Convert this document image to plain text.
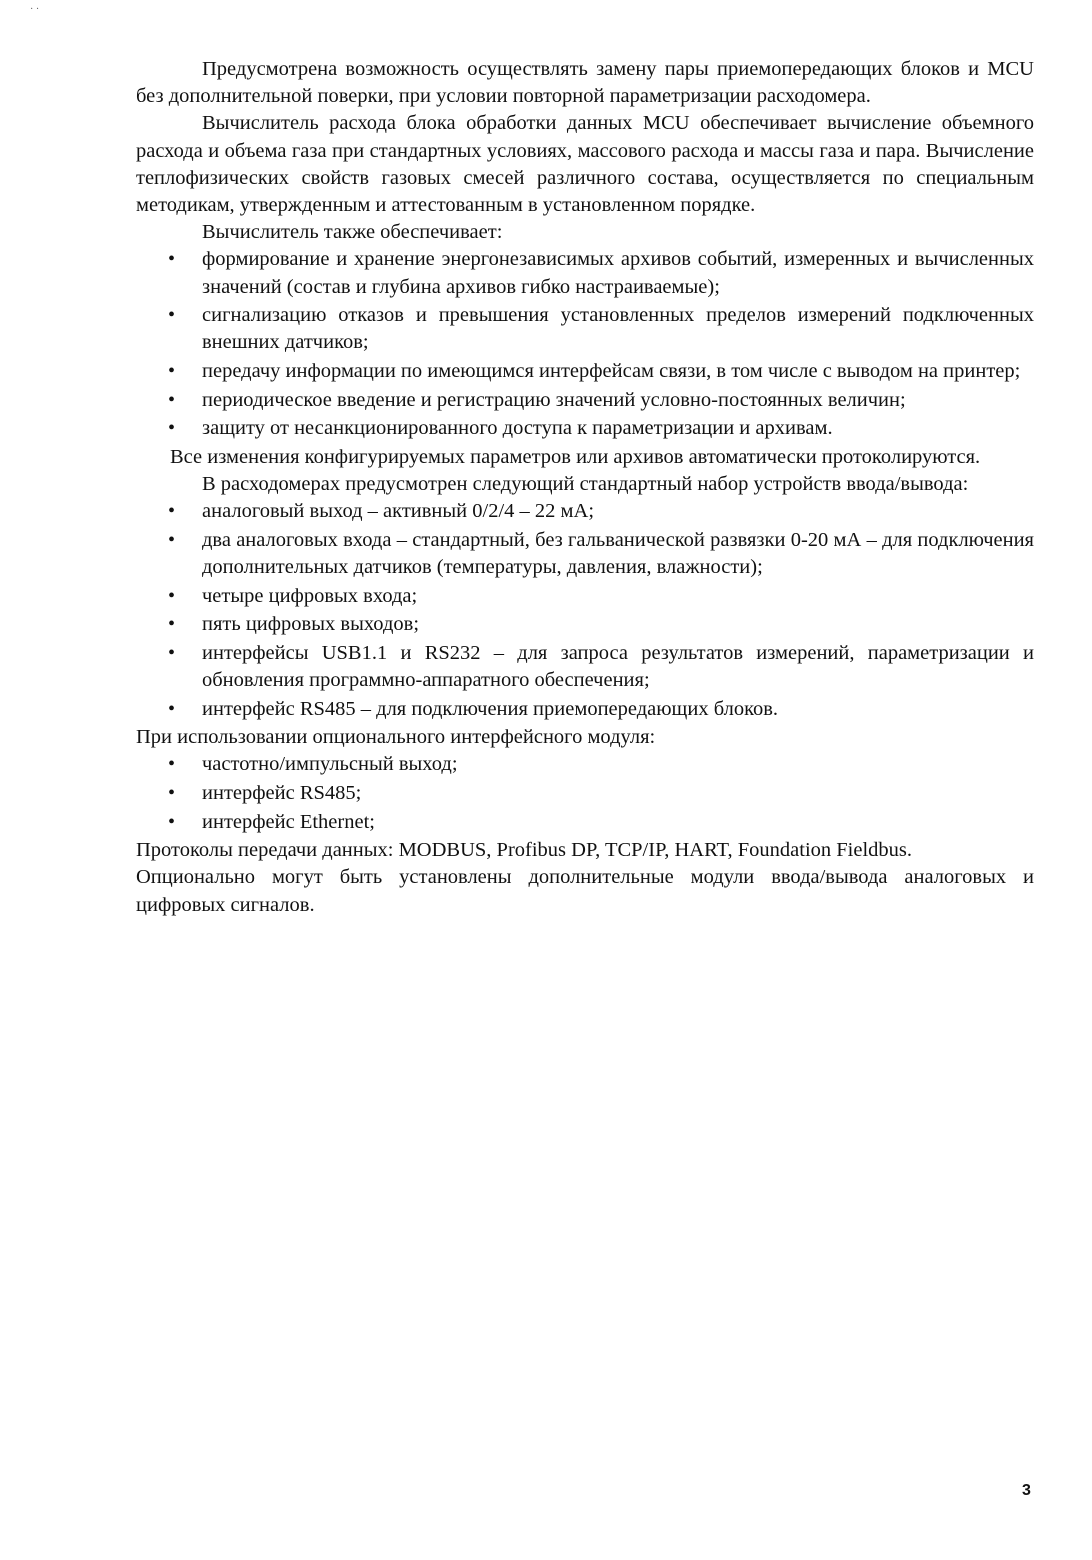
· ·

Предусмотрена возможность осуществлять замену пары приемопередающих блоков и MCU без дополнительной поверки, при условии повторной параметризации расходомера.

Вычислитель расхода блока обработки данных MCU обеспечивает вычисление объемного расхода и объема газа при стандартных условиях, массового расхода и массы газа и пара. Вычисление теплофизических свойств газовых смесей различного состава, осуществляется по специальным методикам, утвержденным и аттестованным в установленном порядке.

Вычислитель также обеспечивает:

• формирование и хранение энергонезависимых архивов событий, измеренных и вычисленных значений (состав и глубина архивов гибко настраиваемые);
• сигнализацию отказов и превышения установленных пределов измерений подключенных внешних датчиков;
• передачу информации по имеющимся интерфейсам связи, в том числе с выводом на принтер;
• периодическое введение и регистрацию значений условно-постоянных величин;
• защиту от несанкционированного доступа к параметризации и архивам.

Все изменения конфигурируемых параметров или архивов автоматически протоколируются.

В расходомерах предусмотрен следующий стандартный набор устройств ввода/вывода:

• аналоговый выход – активный 0/2/4 – 22 мА;
• два аналоговых входа – стандартный, без гальванической развязки 0-20 мА – для подключения дополнительных датчиков (температуры, давления, влажности);
• четыре цифровых входа;
• пять цифровых выходов;
• интерфейсы USB1.1 и RS232 – для запроса результатов измерений, параметризации и обновления программно-аппаратного обеспечения;
• интерфейс RS485 – для подключения приемопередающих блоков.

При использовании опционального интерфейсного модуля:

• частотно/импульсный выход;
• интерфейс RS485;
• интерфейс Ethernet;

Протоколы передачи данных: MODBUS, Profibus DP, TCP/IP, HART, Foundation Fieldbus.

Опционально могут быть установлены дополнительные модули ввода/вывода аналоговых и цифровых сигналов.

3
